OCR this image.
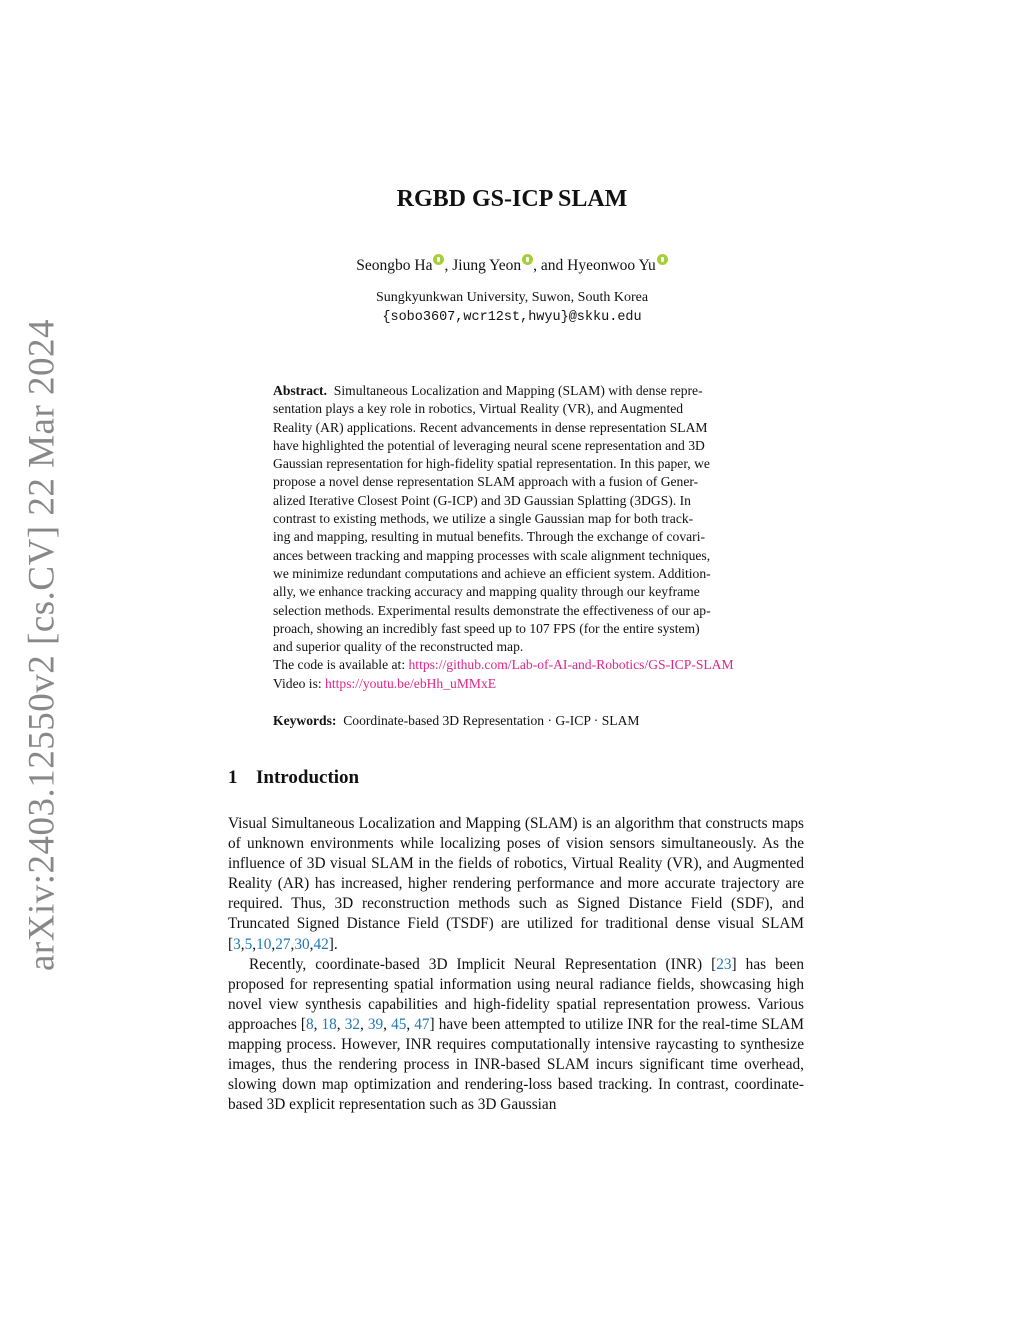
arXiv:2403.12550v2 [cs.CV] 22 Mar 2024
RGBD GS-ICP SLAM
Seongbo Ha , Jiung Yeon , and Hyeonwoo Yu
Sungkyunkwan University, Suwon, South Korea
{sobo3607,wcr12st,hwyu}@skku.edu
Abstract. Simultaneous Localization and Mapping (SLAM) with dense repre-
sentation plays a key role in robotics, Virtual Reality (VR), and Augmented
Reality (AR) applications. Recent advancements in dense representation SLAM
have highlighted the potential of leveraging neural scene representation and 3D
Gaussian representation for high-fidelity spatial representation. In this paper, we
propose a novel dense representation SLAM approach with a fusion of Gener-
alized Iterative Closest Point (G-ICP) and 3D Gaussian Splatting (3DGS). In
contrast to existing methods, we utilize a single Gaussian map for both track-
ing and mapping, resulting in mutual benefits. Through the exchange of covari-
ances between tracking and mapping processes with scale alignment techniques,
we minimize redundant computations and achieve an efficient system. Addition-
ally, we enhance tracking accuracy and mapping quality through our keyframe
selection methods. Experimental results demonstrate the effectiveness of our ap-
proach, showing an incredibly fast speed up to 107 FPS (for the entire system)
and superior quality of the reconstructed map.
The code is available at: https://github.com/Lab-of-AI-and-Robotics/GS-ICP-SLAM
Video is: https://youtu.be/ebHh_uMMxE
Keywords: Coordinate-based 3D Representation · G-ICP · SLAM
1 Introduction

Visual Simultaneous Localization and Mapping (SLAM) is an algorithm that constructs maps of unknown environments while localizing poses of vision sensors simultaneously. As the influence of 3D visual SLAM in the fields of robotics, Virtual Reality (VR), and Augmented Reality (AR) has increased, higher rendering performance and more accurate trajectory are required. Thus, 3D reconstruction methods such as Signed Distance Field (SDF), and Truncated Signed Distance Field (TSDF) are utilized for traditional dense visual SLAM [3,5,10,27,30,42].

Recently, coordinate-based 3D Implicit Neural Representation (INR) [23] has been proposed for representing spatial information using neural radiance fields, showcasing high novel view synthesis capabilities and high-fidelity spatial representation prowess. Various approaches [8, 18, 32, 39, 45, 47] have been attempted to utilize INR for the real-time SLAM mapping process. However, INR requires computationally intensive raycasting to synthesize images, thus the rendering process in INR-based SLAM incurs significant time overhead, slowing down map optimization and rendering-loss based tracking. In contrast, coordinate-based 3D explicit representation such as 3D Gaussian
